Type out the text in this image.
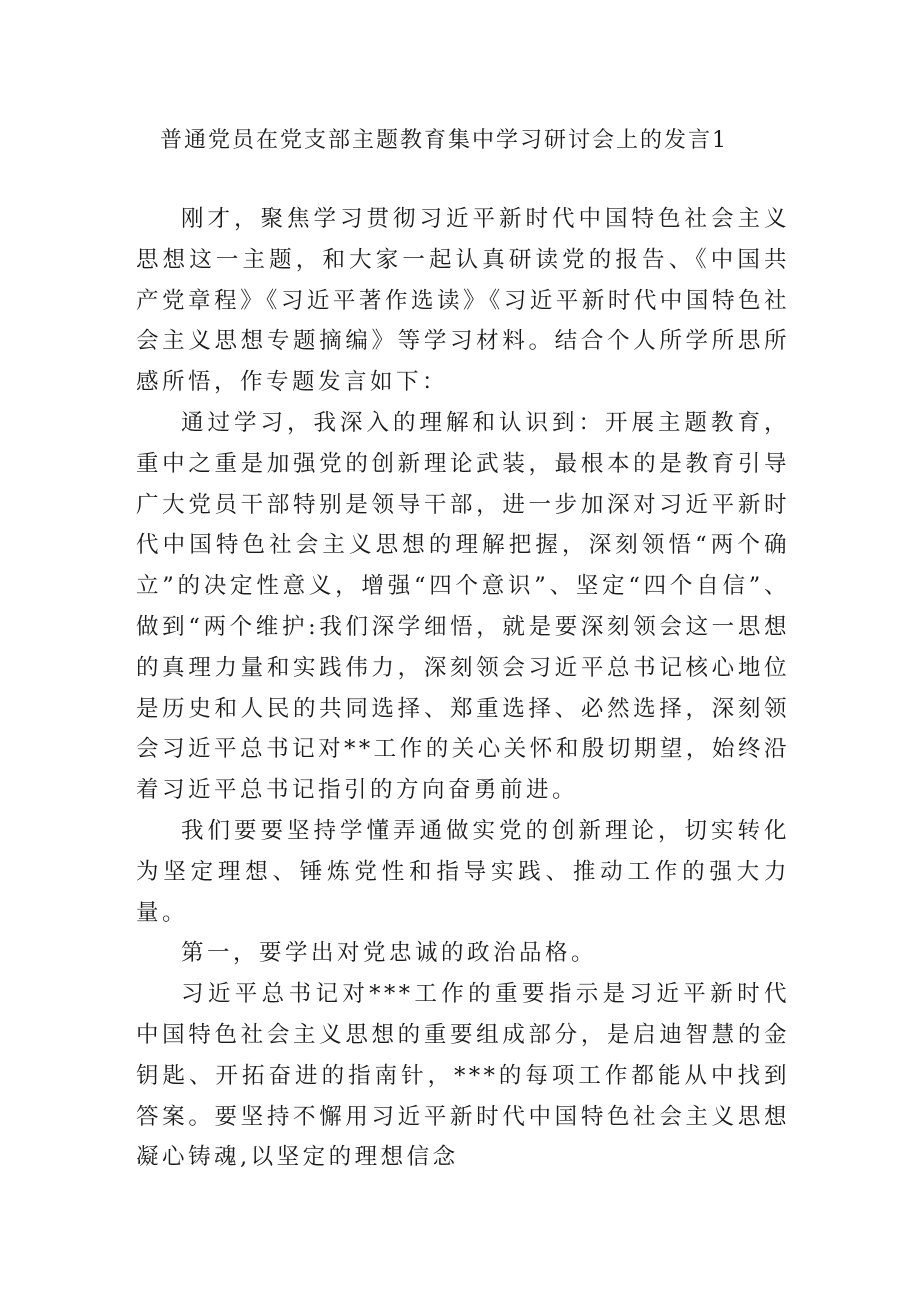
普通党员在党支部主题教育集中学习研讨会上的发言1

刚才，聚焦学习贯彻习近平新时代中国特色社会主义思想这一主题，和大家一起认真研读党的报告、《中国共产党章程》《习近平著作选读》《习近平新时代中国特色社会主义思想专题摘编》等学习材料。结合个人所学所思所感所悟，作专题发言如下：

通过学习，我深入的理解和认识到：开展主题教育，重中之重是加强党的创新理论武装，最根本的是教育引导广大党员干部特别是领导干部，进一步加深对习近平新时代中国特色社会主义思想的理解把握，深刻领悟“两个确立”的决定性意义，增强“四个意识”、坚定“四个自信”、做到“两个维护:我们深学细悟，就是要深刻领会这一思想的真理力量和实践伟力，深刻领会习近平总书记核心地位是历史和人民的共同选择、郑重选择、必然选择，深刻领会习近平总书记对**工作的关心关怀和殷切期望，始终沿着习近平总书记指引的方向奋勇前进。

我们要要坚持学懂弄通做实党的创新理论，切实转化为坚定理想、锤炼党性和指导实践、推动工作的强大力量。

第一，要学出对党忠诚的政治品格。

习近平总书记对***工作的重要指示是习近平新时代中国特色社会主义思想的重要组成部分，是启迪智慧的金钥匙、开拓奋进的指南针，***的每项工作都能从中找到答案。要坚持不懈用习近平新时代中国特色社会主义思想凝心铸魂,以坚定的理想信念
